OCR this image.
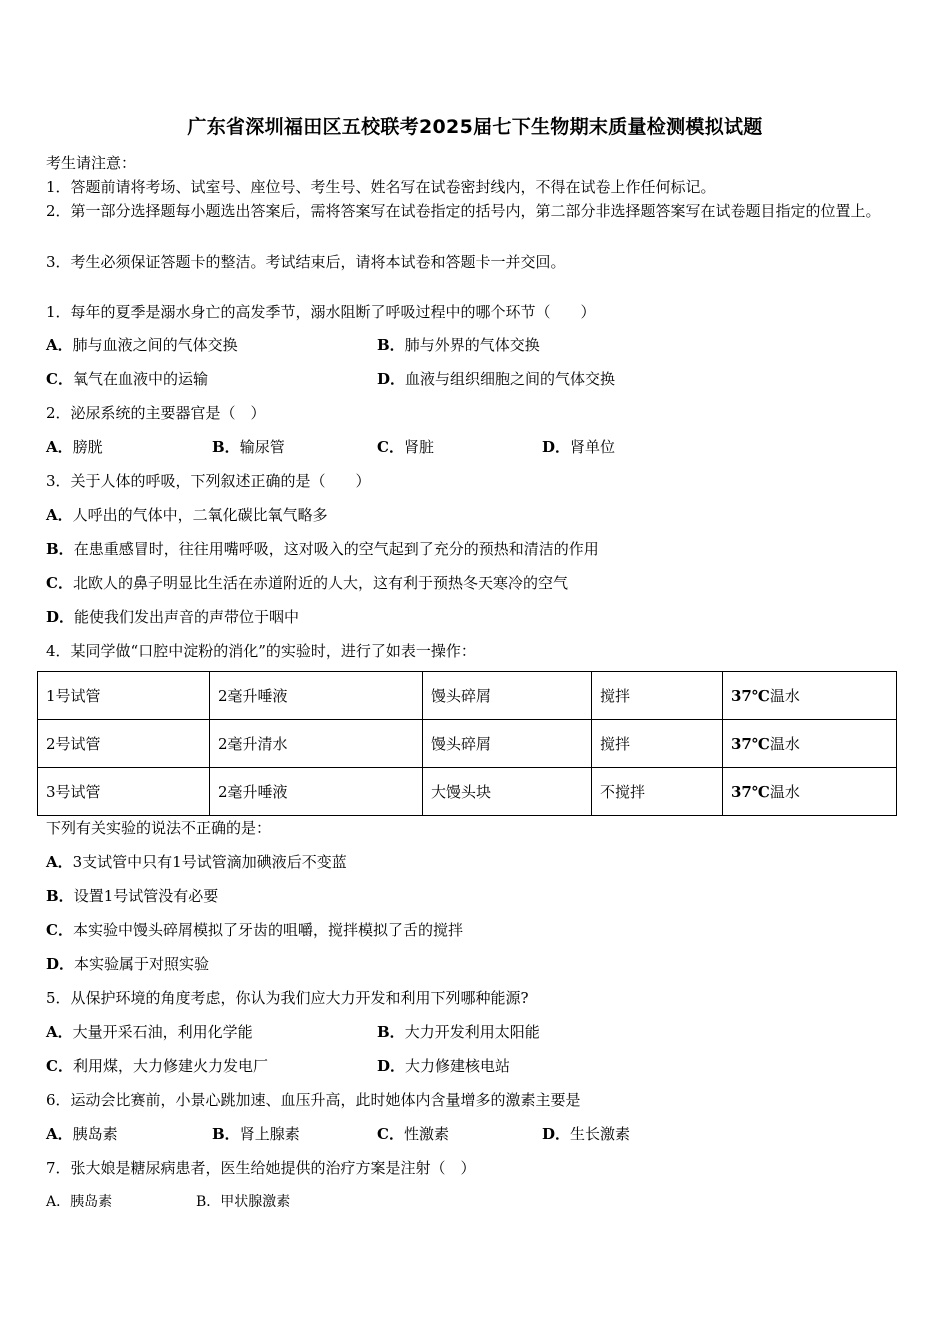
广东省深圳福田区五校联考2025届七下生物期末质量检测模拟试题
考生请注意：
1．答题前请将考场、试室号、座位号、考生号、姓名写在试卷密封线内，不得在试卷上作任何标记。
2．第一部分选择题每小题选出答案后，需将答案写在试卷指定的括号内，第二部分非选择题答案写在试卷题目指定的位置上。
3．考生必须保证答题卡的整洁。考试结束后，请将本试卷和答题卡一并交回。
1．每年的夏季是溺水身亡的高发季节，溺水阻断了呼吸过程中的哪个环节（　　）
A．肺与血液之间的气体交换	B．肺与外界的气体交换
C．氧气在血液中的运输	D．血液与组织细胞之间的气体交换
2．泌尿系统的主要器官是（　）
A．膀胱	B．输尿管	C．肾脏	D．肾单位
3．关于人体的呼吸，下列叙述正确的是（　　）
A．人呼出的气体中，二氧化碳比氧气略多
B．在患重感冒时，往往用嘴呼吸，这对吸入的空气起到了充分的预热和清洁的作用
C．北欧人的鼻子明显比生活在赤道附近的人大，这有利于预热冬天寒冷的空气
D．能使我们发出声音的声带位于咽中
4．某同学做“口腔中淀粉的消化”的实验时，进行了如表一操作：
1号试管	2毫升唾液	馒头碎屑	搅拌	37℃温水
2号试管	2毫升清水	馒头碎屑	搅拌	37℃温水
3号试管	2毫升唾液	大馒头块	不搅拌	37℃温水
下列有关实验的说法不正确的是：
A．3支试管中只有1号试管滴加碘液后不变蓝
B．设置1号试管没有必要
C．本实验中馒头碎屑模拟了牙齿的咀嚼，搅拌模拟了舌的搅拌
D．本实验属于对照实验
5．从保护环境的角度考虑，你认为我们应大力开发和利用下列哪种能源?
A．大量开采石油，利用化学能	B．大力开发利用太阳能
C．利用煤，大力修建火力发电厂	D．大力修建核电站
6．运动会比赛前，小景心跳加速、血压升高，此时她体内含量增多的激素主要是
A．胰岛素	B．肾上腺素	C．性激素	D．生长激素
7．张大娘是糖尿病患者，医生给她提供的治疗方案是注射（　）
A．胰岛素	B．甲状腺激素
